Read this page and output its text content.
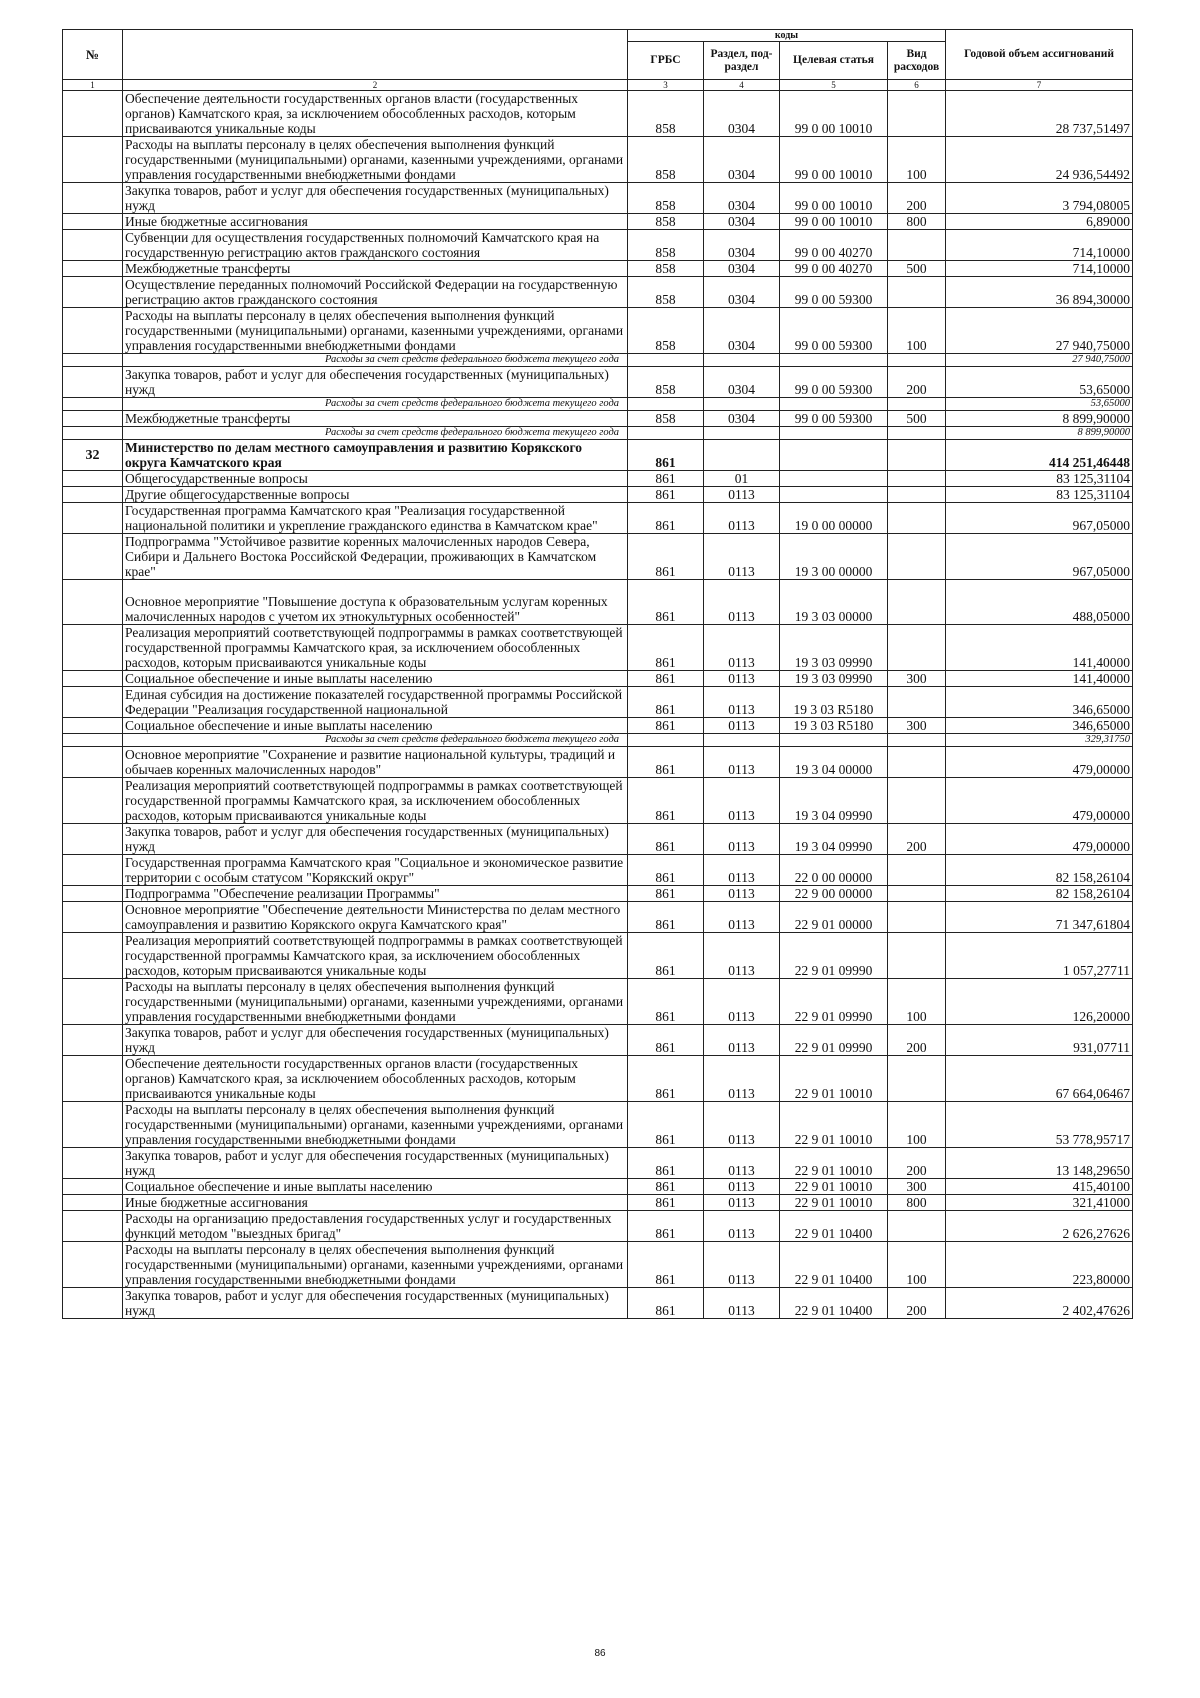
№		коды				Годовой объем ассигнований
		ГРБС	Раздел, под-раздел	Целевая статья	Вид расходов	
1	2	3	4	5	6	7
	Обеспечение деятельности государственных органов власти (государственных органов) Камчатского края, за исключением обособленных расходов, которым присваиваются уникальные коды	858	0304	99 0 00 10010		28 737,51497
	Расходы на выплаты персоналу в целях обеспечения выполнения функций государственными (муниципальными) органами, казенными учреждениями, органами управления государственными внебюджетными фондами	858	0304	99 0 00 10010	100	24 936,54492
	Закупка товаров, работ и услуг для обеспечения государственных (муниципальных) нужд	858	0304	99 0 00 10010	200	3 794,08005
	Иные бюджетные ассигнования	858	0304	99 0 00 10010	800	6,89000
	Субвенции для осуществления государственных полномочий Камчатского края на государственную регистрацию актов гражданского состояния	858	0304	99 0 00 40270		714,10000
	Межбюджетные трансферты	858	0304	99 0 00 40270	500	714,10000
	Осуществление переданных полномочий Российской Федерации на государственную регистрацию актов гражданского состояния	858	0304	99 0 00 59300		36 894,30000
	Расходы на выплаты персоналу в целях обеспечения выполнения функций государственными (муниципальными) органами, казенными учреждениями, органами управления государственными внебюджетными фондами	858	0304	99 0 00 59300	100	27 940,75000
	Расходы за счет средств федерального бюджета текущего года					27 940,75000
	Закупка товаров, работ и услуг для обеспечения государственных (муниципальных) нужд	858	0304	99 0 00 59300	200	53,65000
	Расходы за счет средств федерального бюджета текущего года					53,65000
	Межбюджетные трансферты	858	0304	99 0 00 59300	500	8 899,90000
	Расходы за счет средств федерального бюджета текущего года					8 899,90000
32	Министерство по делам местного самоуправления и развитию Корякского округа Камчатского края	861				414 251,46448
	Общегосударственные вопросы	861	01			83 125,31104
	Другие общегосударственные вопросы	861	0113			83 125,31104
	Государственная программа Камчатского края "Реализация государственной национальной политики и укрепление гражданского единства в Камчатском крае"	861	0113	19 0 00 00000		967,05000
	Подпрограмма "Устойчивое развитие коренных малочисленных народов Севера, Сибири и Дальнего Востока Российской Федерации, проживающих в Камчатском крае"	861	0113	19 3 00 00000		967,05000
	Основное мероприятие "Повышение доступа к образовательным услугам коренных малочисленных народов с учетом их этнокультурных особенностей"	861	0113	19 3 03 00000		488,05000
	Реализация мероприятий соответствующей подпрограммы в рамках соответствующей государственной программы Камчатского края, за исключением обособленных расходов, которым присваиваются уникальные коды	861	0113	19 3 03 09990		141,40000
	Социальное обеспечение и иные выплаты населению	861	0113	19 3 03 09990	300	141,40000
	Единая субсидия на достижение показателей государственной программы Российской Федерации "Реализация государственной национальной	861	0113	19 3 03 R5180		346,65000
	Социальное обеспечение и иные выплаты населению	861	0113	19 3 03 R5180	300	346,65000
	Расходы за счет средств федерального бюджета текущего года					329,31750
	Основное мероприятие "Сохранение и развитие национальной культуры, традиций и обычаев коренных малочисленных народов"	861	0113	19 3 04 00000		479,00000
	Реализация мероприятий соответствующей подпрограммы в рамках соответствующей государственной программы Камчатского края, за исключением обособленных расходов, которым присваиваются уникальные коды	861	0113	19 3 04 09990		479,00000
	Закупка товаров, работ и услуг для обеспечения государственных (муниципальных) нужд	861	0113	19 3 04 09990	200	479,00000
	Государственная программа Камчатского края "Социальное и экономическое развитие территории с особым статусом "Корякский округ"	861	0113	22 0 00 00000		82 158,26104
	Подпрограмма "Обеспечение реализации Программы"	861	0113	22 9 00 00000		82 158,26104
	Основное мероприятие "Обеспечение деятельности Министерства по делам местного самоуправления и развитию Корякского округа Камчатского края"	861	0113	22 9 01 00000		71 347,61804
	Реализация мероприятий соответствующей подпрограммы в рамках соответствующей государственной программы Камчатского края, за исключением обособленных расходов, которым присваиваются уникальные коды	861	0113	22 9 01 09990		1 057,27711
	Расходы на выплаты персоналу в целях обеспечения выполнения функций государственными (муниципальными) органами, казенными учреждениями, органами управления государственными внебюджетными фондами	861	0113	22 9 01 09990	100	126,20000
	Закупка товаров, работ и услуг для обеспечения государственных (муниципальных) нужд	861	0113	22 9 01 09990	200	931,07711
	Обеспечение деятельности государственных органов власти (государственных органов) Камчатского края, за исключением обособленных расходов, которым присваиваются уникальные коды	861	0113	22 9 01 10010		67 664,06467
	Расходы на выплаты персоналу в целях обеспечения выполнения функций государственными (муниципальными) органами, казенными учреждениями, органами управления государственными внебюджетными фондами	861	0113	22 9 01 10010	100	53 778,95717
	Закупка товаров, работ и услуг для обеспечения государственных (муниципальных) нужд	861	0113	22 9 01 10010	200	13 148,29650
	Социальное обеспечение и иные выплаты населению	861	0113	22 9 01 10010	300	415,40100
	Иные бюджетные ассигнования	861	0113	22 9 01 10010	800	321,41000
	Расходы на организацию предоставления государственных услуг и государственных функций методом "выездных бригад"	861	0113	22 9 01 10400		2 626,27626
	Расходы на выплаты персоналу в целях обеспечения выполнения функций государственными (муниципальными) органами, казенными учреждениями, органами управления государственными внебюджетными фондами	861	0113	22 9 01 10400	100	223,80000
	Закупка товаров, работ и услуг для обеспечения государственных (муниципальных) нужд	861	0113	22 9 01 10400	200	2 402,47626
86
